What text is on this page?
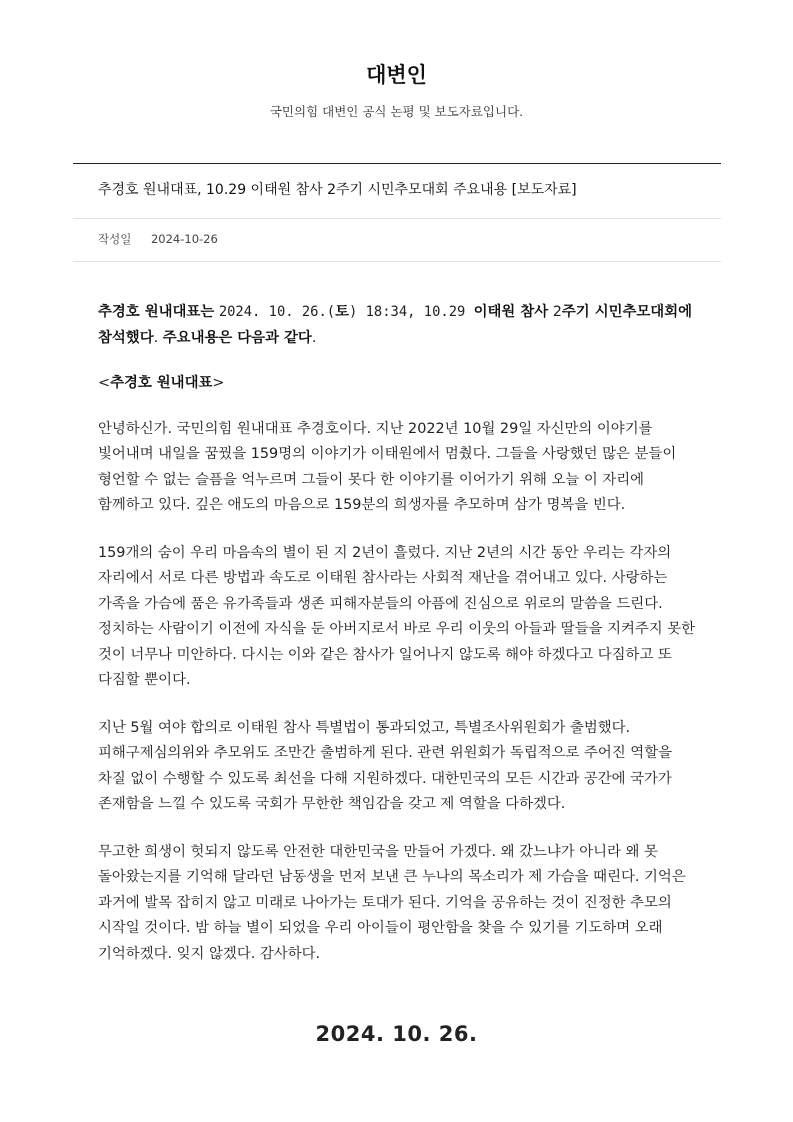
대변인
국민의힘 대변인 공식 논평 및 보도자료입니다.
추경호 원내대표, 10.29 이태원 참사 2주기 시민추모대회 주요내용 [보도자료]
작성일 2024-10-26

추경호 원내대표는 2024. 10. 26.(토) 18:34, 10.29 이태원 참사 2주기 시민추모대회에 참석했다. 주요내용은 다음과 같다.

<추경호 원내대표>

안녕하신가. 국민의힘 원내대표 추경호이다. 지난 2022년 10월 29일 자신만의 이야기를 빛어내며 내일을 꿈꿨을 159명의 이야기가 이태원에서 멈췄다. 그들을 사랑했던 많은 분들이 형언할 수 없는 슬픔을 억누르며 그들이 못다 한 이야기를 이어가기 위해 오늘 이 자리에 함께하고 있다. 깊은 애도의 마음으로 159분의 희생자를 추모하며 삼가 명복을 빈다.

159개의 숨이 우리 마음속의 별이 된 지 2년이 흘렀다. 지난 2년의 시간 동안 우리는 각자의 자리에서 서로 다른 방법과 속도로 이태원 참사라는 사회적 재난을 겪어내고 있다. 사랑하는 가족을 가슴에 품은 유가족들과 생존 피해자분들의 아픔에 진심으로 위로의 말씀을 드린다. 정치하는 사람이기 이전에 자식을 둔 아버지로서 바로 우리 이웃의 아들과 딸들을 지켜주지 못한 것이 너무나 미안하다. 다시는 이와 같은 참사가 일어나지 않도록 해야 하겠다고 다짐하고 또 다짐할 뿐이다.

지난 5월 여야 합의로 이태원 참사 특별법이 통과되었고, 특별조사위원회가 출범했다. 피해구제심의위와 추모위도 조만간 출범하게 된다. 관련 위원회가 독립적으로 주어진 역할을 차질 없이 수행할 수 있도록 최선을 다해 지원하겠다. 대한민국의 모든 시간과 공간에 국가가 존재함을 느낄 수 있도록 국회가 무한한 책임감을 갖고 제 역할을 다하겠다.

무고한 희생이 헛되지 않도록 안전한 대한민국을 만들어 가겠다. 왜 갔느냐가 아니라 왜 못 돌아왔는지를 기억해 달라던 남동생을 먼저 보낸 큰 누나의 목소리가 제 가슴을 때린다. 기억은 과거에 발목 잡히지 않고 미래로 나아가는 토대가 된다. 기억을 공유하는 것이 진정한 추모의 시작일 것이다. 밤 하늘 별이 되었을 우리 아이들이 평안함을 찾을 수 있기를 기도하며 오래 기억하겠다. 잊지 않겠다. 감사하다.

2024. 10. 26.
